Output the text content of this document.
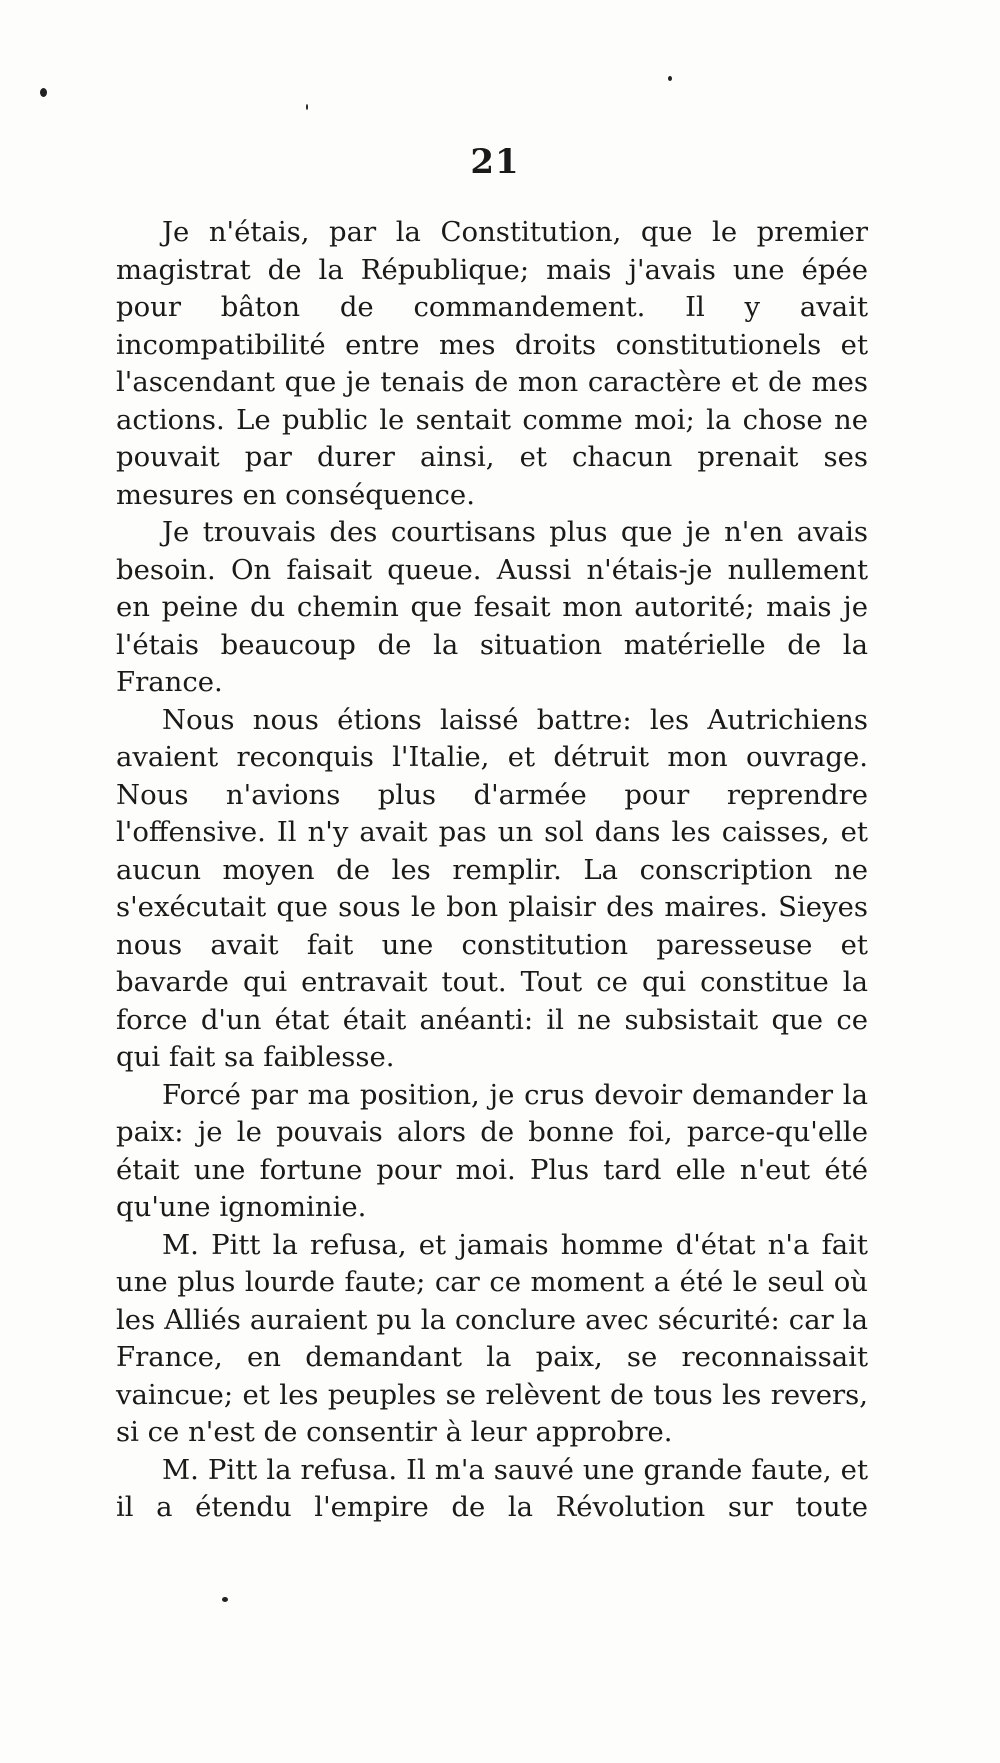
21

Je n'étais, par la Constitution, que le premier magistrat de la République; mais j'avais une épée pour bâton de commandement. Il y avait incompatibilité entre mes droits constitutionels et l'ascendant que je tenais de mon caractère et de mes actions. Le public le sentait comme moi; la chose ne pouvait par durer ainsi, et chacun prenait ses mesures en conséquence.

Je trouvais des courtisans plus que je n'en avais besoin. On faisait queue. Aussi n'étais-je nullement en peine du chemin que fesait mon autorité; mais je l'étais beaucoup de la situation matérielle de la France.

Nous nous étions laissé battre: les Autrichiens avaient reconquis l'Italie, et détruit mon ouvrage. Nous n'avions plus d'armée pour reprendre l'offensive. Il n'y avait pas un sol dans les caisses, et aucun moyen de les remplir. La conscription ne s'exécutait que sous le bon plaisir des maires. Sieyes nous avait fait une constitution paresseuse et bavarde qui entravait tout. Tout ce qui constitue la force d'un état était anéanti: il ne subsistait que ce qui fait sa faiblesse.

Forcé par ma position, je crus devoir demander la paix: je le pouvais alors de bonne foi, parce-qu'elle était une fortune pour moi. Plus tard elle n'eut été qu'une ignominie.

M. Pitt la refusa, et jamais homme d'état n'a fait une plus lourde faute; car ce moment a été le seul où les Alliés auraient pu la conclure avec sécurité: car la France, en demandant la paix, se reconnaissait vaincue; et les peuples se relèvent de tous les revers, si ce n'est de consentir à leur approbre.

M. Pitt la refusa. Il m'a sauvé une grande faute, et il a étendu l'empire de la Révolution sur toute
